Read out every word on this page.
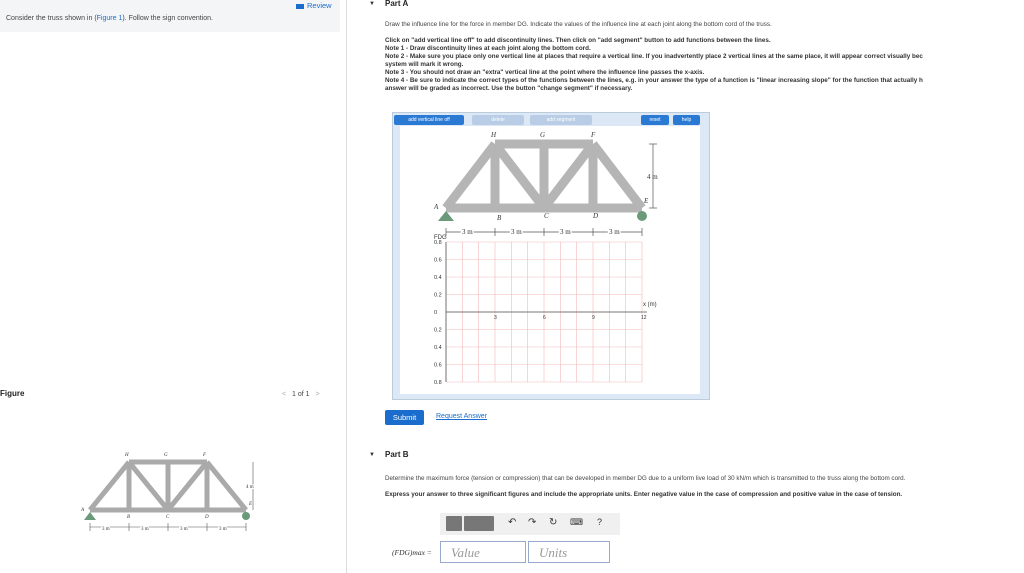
Consider the truss shown in (Figure 1). Follow the sign convention.
Review
Figure	< 1 of 1 >
H	G	F
A
B	C	D
E
3 m	3 m	3 m	3 m
4 m
▼ Part A
Draw the influence line for the force in member DG. Indicate the values of the influence line at each joint along the bottom cord of the truss.
Click on "add vertical line off" to add discontinuity lines. Then click on "add segment" button to add functions between the lines.
Note 1 - Draw discontinuity lines at each joint along the bottom cord.
Note 2 - Make sure you place only one vertical line at places that require a vertical line. If you inadvertently place 2 vertical lines at the same place, it will appear correct visually bec
system will mark it wrong.
Note 3 - You should not draw an "extra" vertical line at the point where the influence line passes the x-axis.
Note 4 - Be sure to indicate the correct types of the functions between the lines, e.g. in your answer the type of a function is "linear increasing slope" for the function that actually h
answer will be graded as incorrect. Use the button "change segment" if necessary.
add vertical line off	delete	add segment	reset	help
H	G	F
A
B	C	D
E
3 m	3 m	3 m	3 m
4 m
0.8
0.6
0.4
0.2
0
0.2
0.4
0.6
0.8
3	6	9	12
FDG
x (m)
Submit	Request Answer
▼ Part B
Determine the maximum force (tension or compression) that can be developed in member DG due to a uniform live load of 30 kN/m which is transmitted to the truss along the bottom cord.
Express your answer to three significant figures and include the appropriate units. Enter negative value in the case of compression and positive value in the case of tension.
↶ ↷ ↻ ⌨ ?
(FDG)max =	Value	Units
